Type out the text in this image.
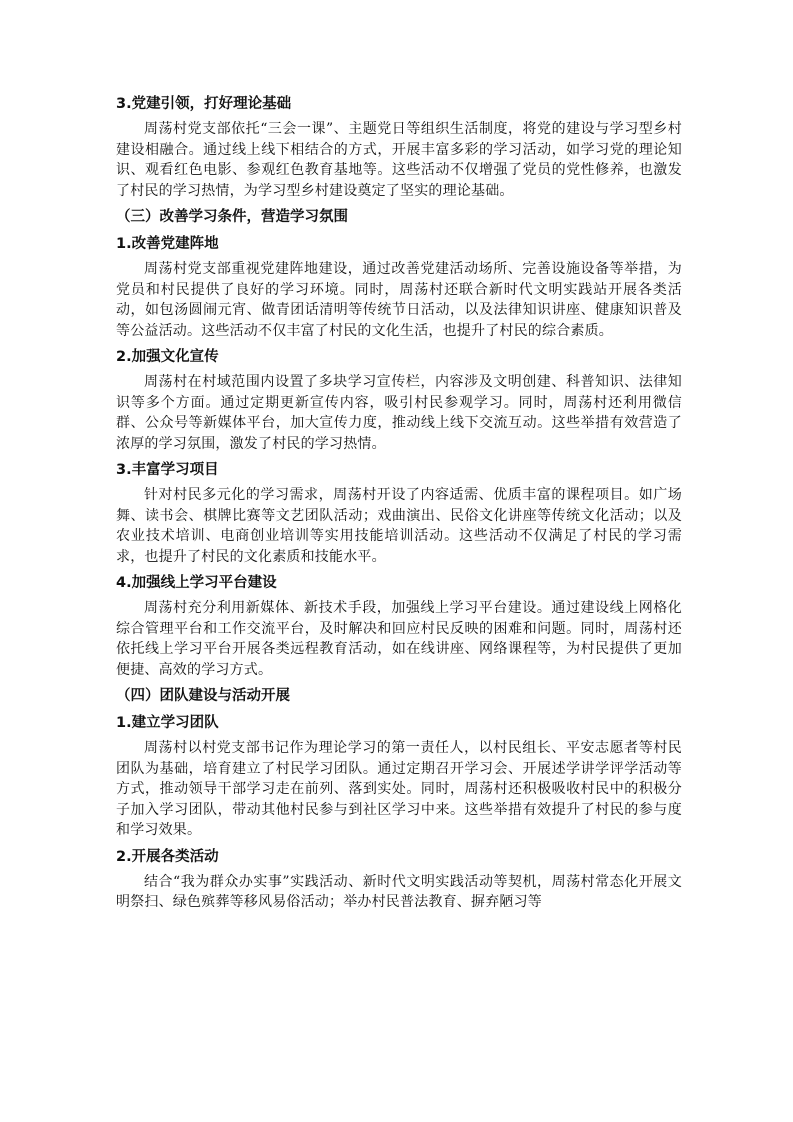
3.党建引领，打好理论基础

周荡村党支部依托“三会一课”、主题党日等组织生活制度，将党的建设与学习型乡村建设相融合。通过线上线下相结合的方式，开展丰富多彩的学习活动，如学习党的理论知识、观看红色电影、参观红色教育基地等。这些活动不仅增强了党员的党性修养，也激发了村民的学习热情，为学习型乡村建设奠定了坚实的理论基础。

（三）改善学习条件，营造学习氛围
1.改善党建阵地

周荡村党支部重视党建阵地建设，通过改善党建活动场所、完善设施设备等举措，为党员和村民提供了良好的学习环境。同时，周荡村还联合新时代文明实践站开展各类活动，如包汤圆闹元宵、做青团话清明等传统节日活动，以及法律知识讲座、健康知识普及等公益活动。这些活动不仅丰富了村民的文化生活，也提升了村民的综合素质。

2.加强文化宣传

周荡村在村域范围内设置了多块学习宣传栏，内容涉及文明创建、科普知识、法律知识等多个方面。通过定期更新宣传内容，吸引村民参观学习。同时，周荡村还利用微信群、公众号等新媒体平台，加大宣传力度，推动线上线下交流互动。这些举措有效营造了浓厚的学习氛围，激发了村民的学习热情。

3.丰富学习项目

针对村民多元化的学习需求，周荡村开设了内容适需、优质丰富的课程项目。如广场舞、读书会、棋牌比赛等文艺团队活动；戏曲演出、民俗文化讲座等传统文化活动；以及农业技术培训、电商创业培训等实用技能培训活动。这些活动不仅满足了村民的学习需求，也提升了村民的文化素质和技能水平。

4.加强线上学习平台建设

周荡村充分利用新媒体、新技术手段，加强线上学习平台建设。通过建设线上网格化综合管理平台和工作交流平台，及时解决和回应村民反映的困难和问题。同时，周荡村还依托线上学习平台开展各类远程教育活动，如在线讲座、网络课程等，为村民提供了更加便捷、高效的学习方式。

（四）团队建设与活动开展
1.建立学习团队

周荡村以村党支部书记作为理论学习的第一责任人，以村民组长、平安志愿者等村民团队为基础，培育建立了村民学习团队。通过定期召开学习会、开展述学讲学评学活动等方式，推动领导干部学习走在前列、落到实处。同时，周荡村还积极吸收村民中的积极分子加入学习团队，带动其他村民参与到社区学习中来。这些举措有效提升了村民的参与度和学习效果。

2.开展各类活动

结合“我为群众办实事”实践活动、新时代文明实践活动等契机，周荡村常态化开展文明祭扫、绿色殡葬等移风易俗活动；举办村民普法教育、摒弃陋习等
